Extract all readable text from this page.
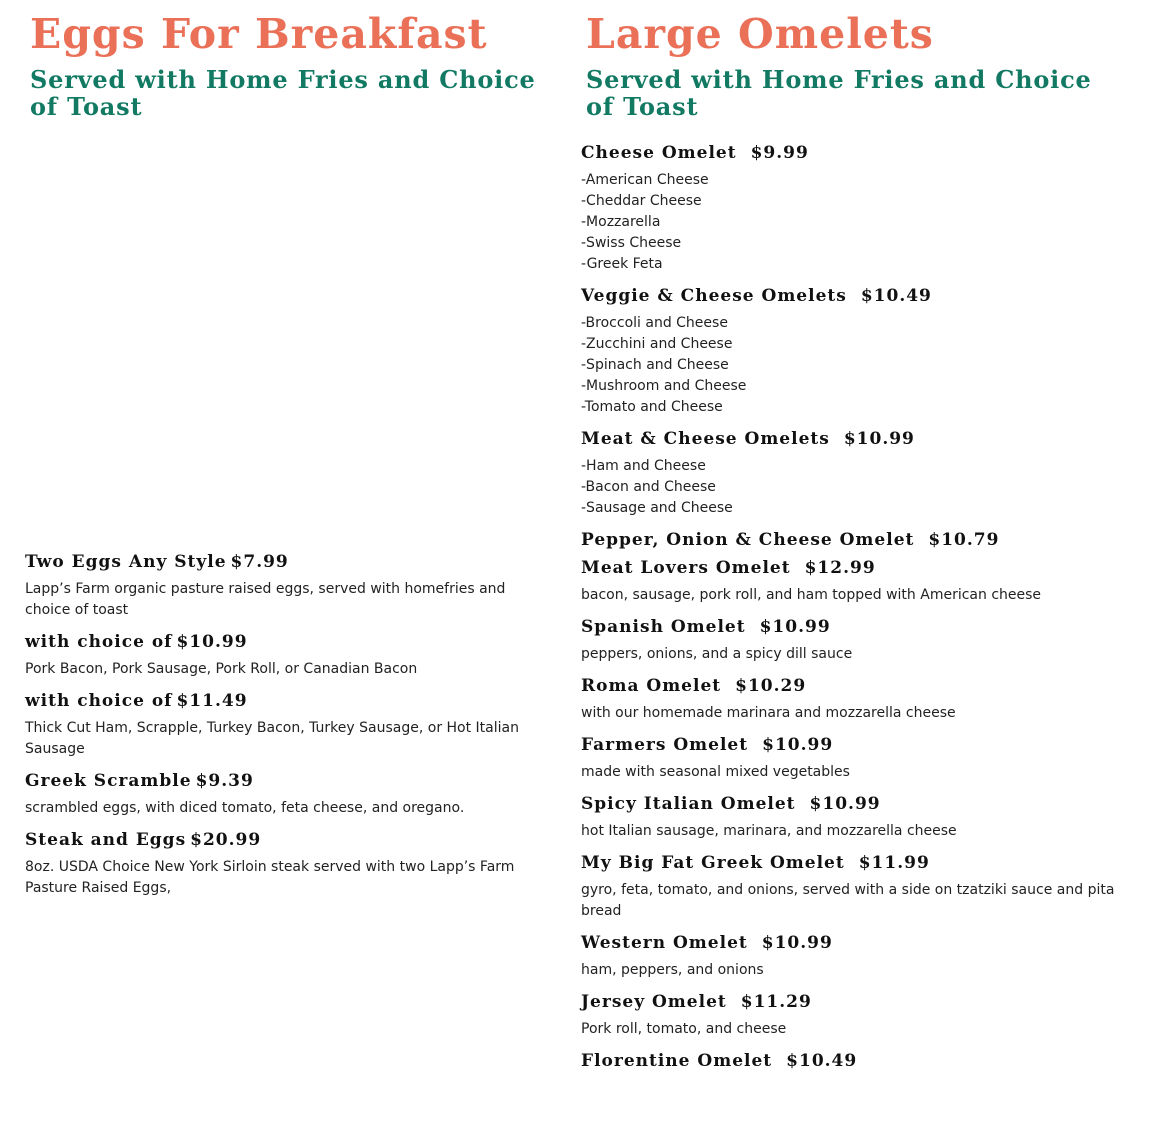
Eggs For Breakfast
Served with Home Fries and Choice of Toast
Two Eggs Any Style $7.99
Lapp’s Farm organic pasture raised eggs, served with homefries and choice of toast
with choice of $10.99
Pork Bacon, Pork Sausage, Pork Roll, or Canadian Bacon
with choice of $11.49
Thick Cut Ham, Scrapple, Turkey Bacon, Turkey Sausage, or Hot Italian Sausage
Greek Scramble $9.39
scrambled eggs, with diced tomato, feta cheese, and oregano.
Steak and Eggs $20.99
8oz. USDA Choice New York Sirloin steak served with two Lapp’s Farm Pasture Raised Eggs,
Large Omelets
Served with Home Fries and Choice of Toast
Cheese Omelet $9.99
-American Cheese
-Cheddar Cheese
-Mozzarella
-Swiss Cheese
-Greek Feta
Veggie & Cheese Omelets $10.49
-Broccoli and Cheese
-Zucchini and Cheese
-Spinach and Cheese
-Mushroom and Cheese
-Tomato and Cheese
Meat & Cheese Omelets $10.99
-Ham and Cheese
-Bacon and Cheese
-Sausage and Cheese
Pepper, Onion & Cheese Omelet $10.79
Meat Lovers Omelet $12.99
bacon, sausage, pork roll, and ham topped with American cheese
Spanish Omelet $10.99
peppers, onions, and a spicy dill sauce
Roma Omelet $10.29
with our homemade marinara and mozzarella cheese
Farmers Omelet $10.99
made with seasonal mixed vegetables
Spicy Italian Omelet $10.99
hot Italian sausage, marinara, and mozzarella cheese
My Big Fat Greek Omelet $11.99
gyro, feta, tomato, and onions, served with a side on tzatziki sauce and pita bread
Western Omelet $10.99
ham, peppers, and onions
Jersey Omelet $11.29
Pork roll, tomato, and cheese
Florentine Omelet $10.49
